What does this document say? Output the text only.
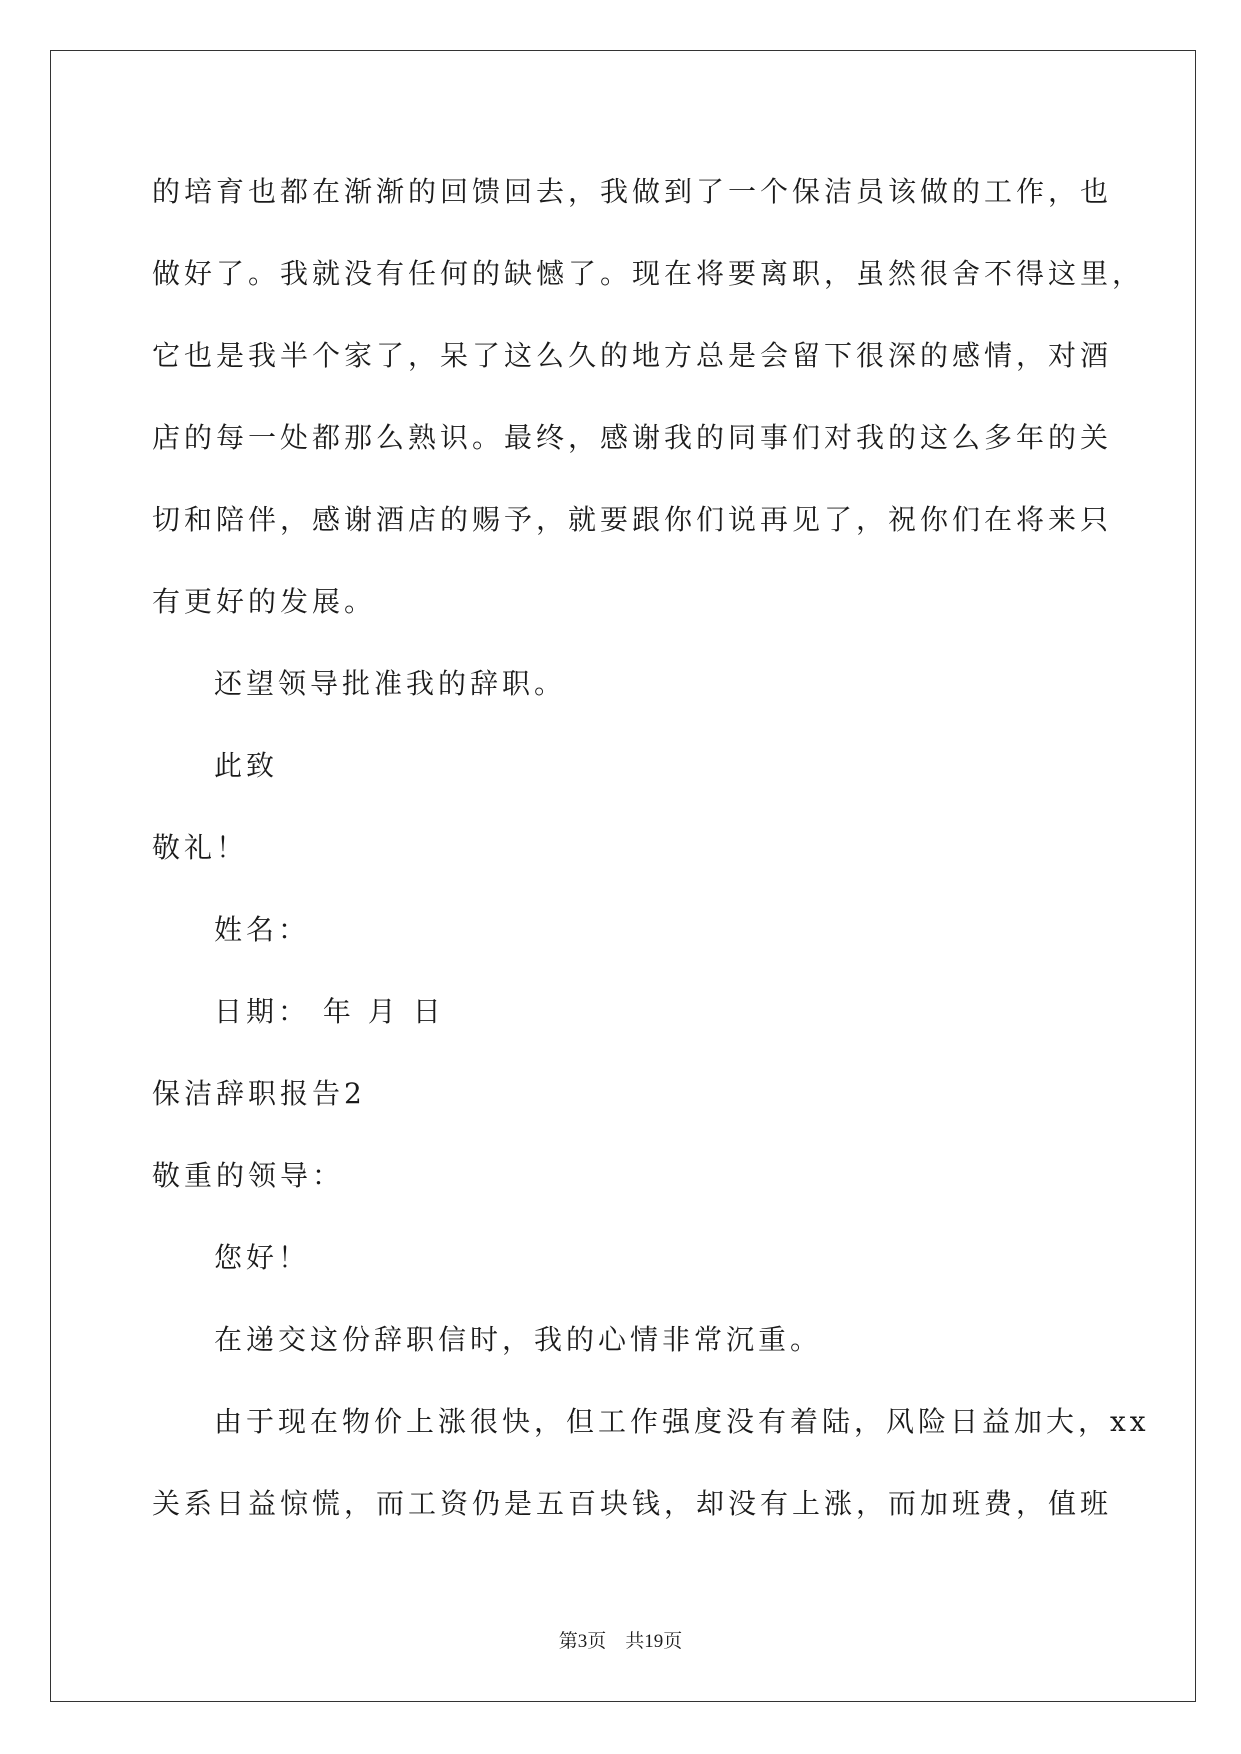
的培育也都在渐渐的回馈回去，我做到了一个保洁员该做的工作，也
做好了。我就没有任何的缺憾了。现在将要离职，虽然很舍不得这里，
它也是我半个家了，呆了这么久的地方总是会留下很深的感情，对酒
店的每一处都那么熟识。最终，感谢我的同事们对我的这么多年的关
切和陪伴，感谢酒店的赐予，就要跟你们说再见了，祝你们在将来只
有更好的发展。
还望领导批准我的辞职。
此致
敬礼！
姓名：
日期： 年 月 日
保洁辞职报告2
敬重的领导：
您好！
在递交这份辞职信时，我的心情非常沉重。
由于现在物价上涨很快，但工作强度没有着陆，风险日益加大，xx
关系日益惊慌，而工资仍是五百块钱，却没有上涨，而加班费，值班
第3页　共19页
